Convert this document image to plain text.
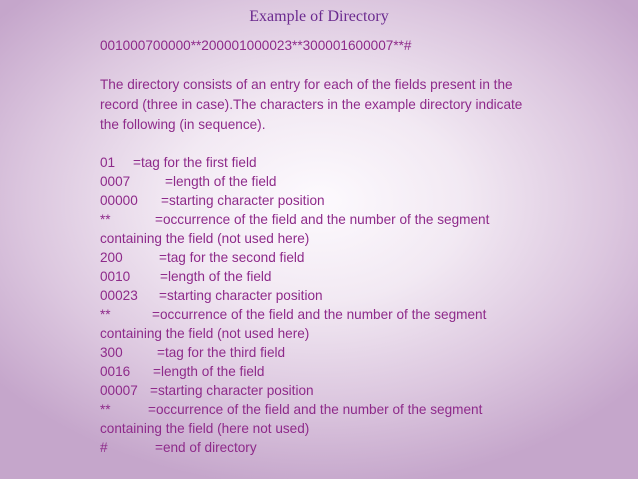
Example of Directory
001000700000**200001000023**300001600007**#
The directory consists of an entry for each of the fields present in the
record (three in case).The characters in the example directory indicate
the following (in sequence).
01 =tag for the first field
0007	=length of the field
00000 =starting character position
**	=occurrence of the field and the number of the segment
containing the field (not used here)
200	=tag for the second field
0010 =length of the field
00023 =starting character position
**	=occurrence of the field and the number of the segment
containing the field (not used here)
300	=tag for the third field
0016 =length of the field
00007 =starting character position
**	=occurrence of the field and the number of the segment
containing the field (here not used)
#	=end of directory
